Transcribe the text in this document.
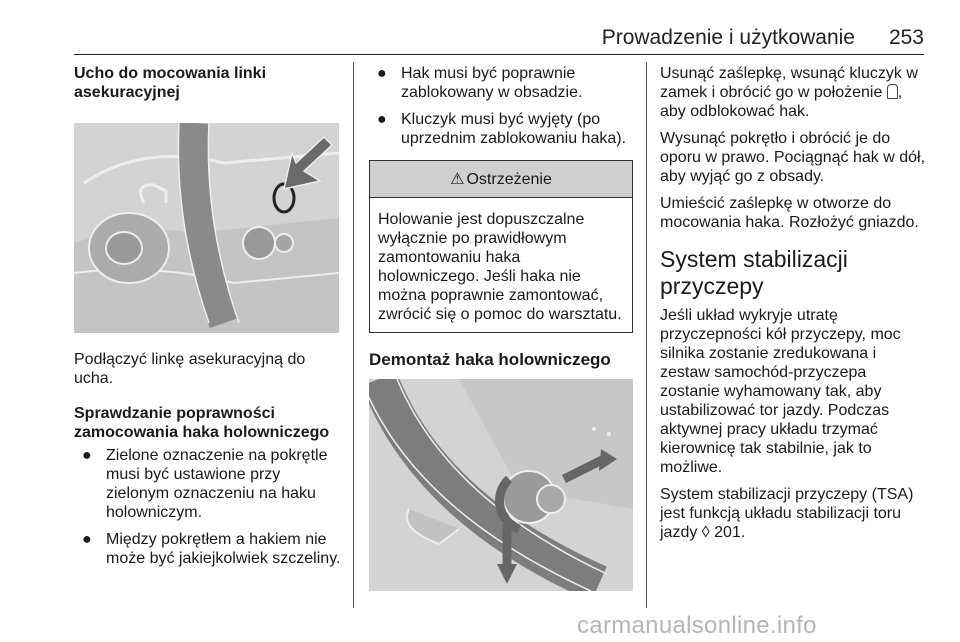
Prowadzenie i użytkowanie 253

Ucho do mocowania linki asekuracyjnej

Podłączyć linkę asekuracyjną do ucha.

Sprawdzanie poprawności zamocowania haka holowniczego

● Zielone oznaczenie na pokrętle musi być ustawione przy zielonym oznaczeniu na haku holowniczym.
● Między pokrętłem a hakiem nie może być jakiejkolwiek szczeliny.
● Hak musi być poprawnie zablokowany w obsadzie.
● Kluczyk musi być wyjęty (po uprzednim zablokowaniu haka).
⚠ Ostrzeżenie
Holowanie jest dopuszczalne wyłącznie po prawidłowym zamontowaniu haka holowniczego. Jeśli haka nie można poprawnie zamontować, zwrócić się o pomoc do warsztatu.

Demontaż haka holowniczego

Usunąć zaślepkę, wsunąć kluczyk w zamek i obrócić go w położenie , aby odblokować hak.

Wysunąć pokrętło i obrócić je do oporu w prawo. Pociągnąć hak w dół, aby wyjąć go z obsady.

Umieścić zaślepkę w otworze do mocowania haka. Rozłożyć gniazdo.

System stabilizacji przyczepy

Jeśli układ wykryje utratę przyczepności kół przyczepy, moc silnika zostanie zredukowana i zestaw samochód-przyczepa zostanie wyhamowany tak, aby ustabilizować tor jazdy. Podczas aktywnej pracy układu trzymać kierownicę tak stabilnie, jak to możliwe.

System stabilizacji przyczepy (TSA) jest funkcją układu stabilizacji toru jazdy ◊ 201.

carmanualsonline.info
